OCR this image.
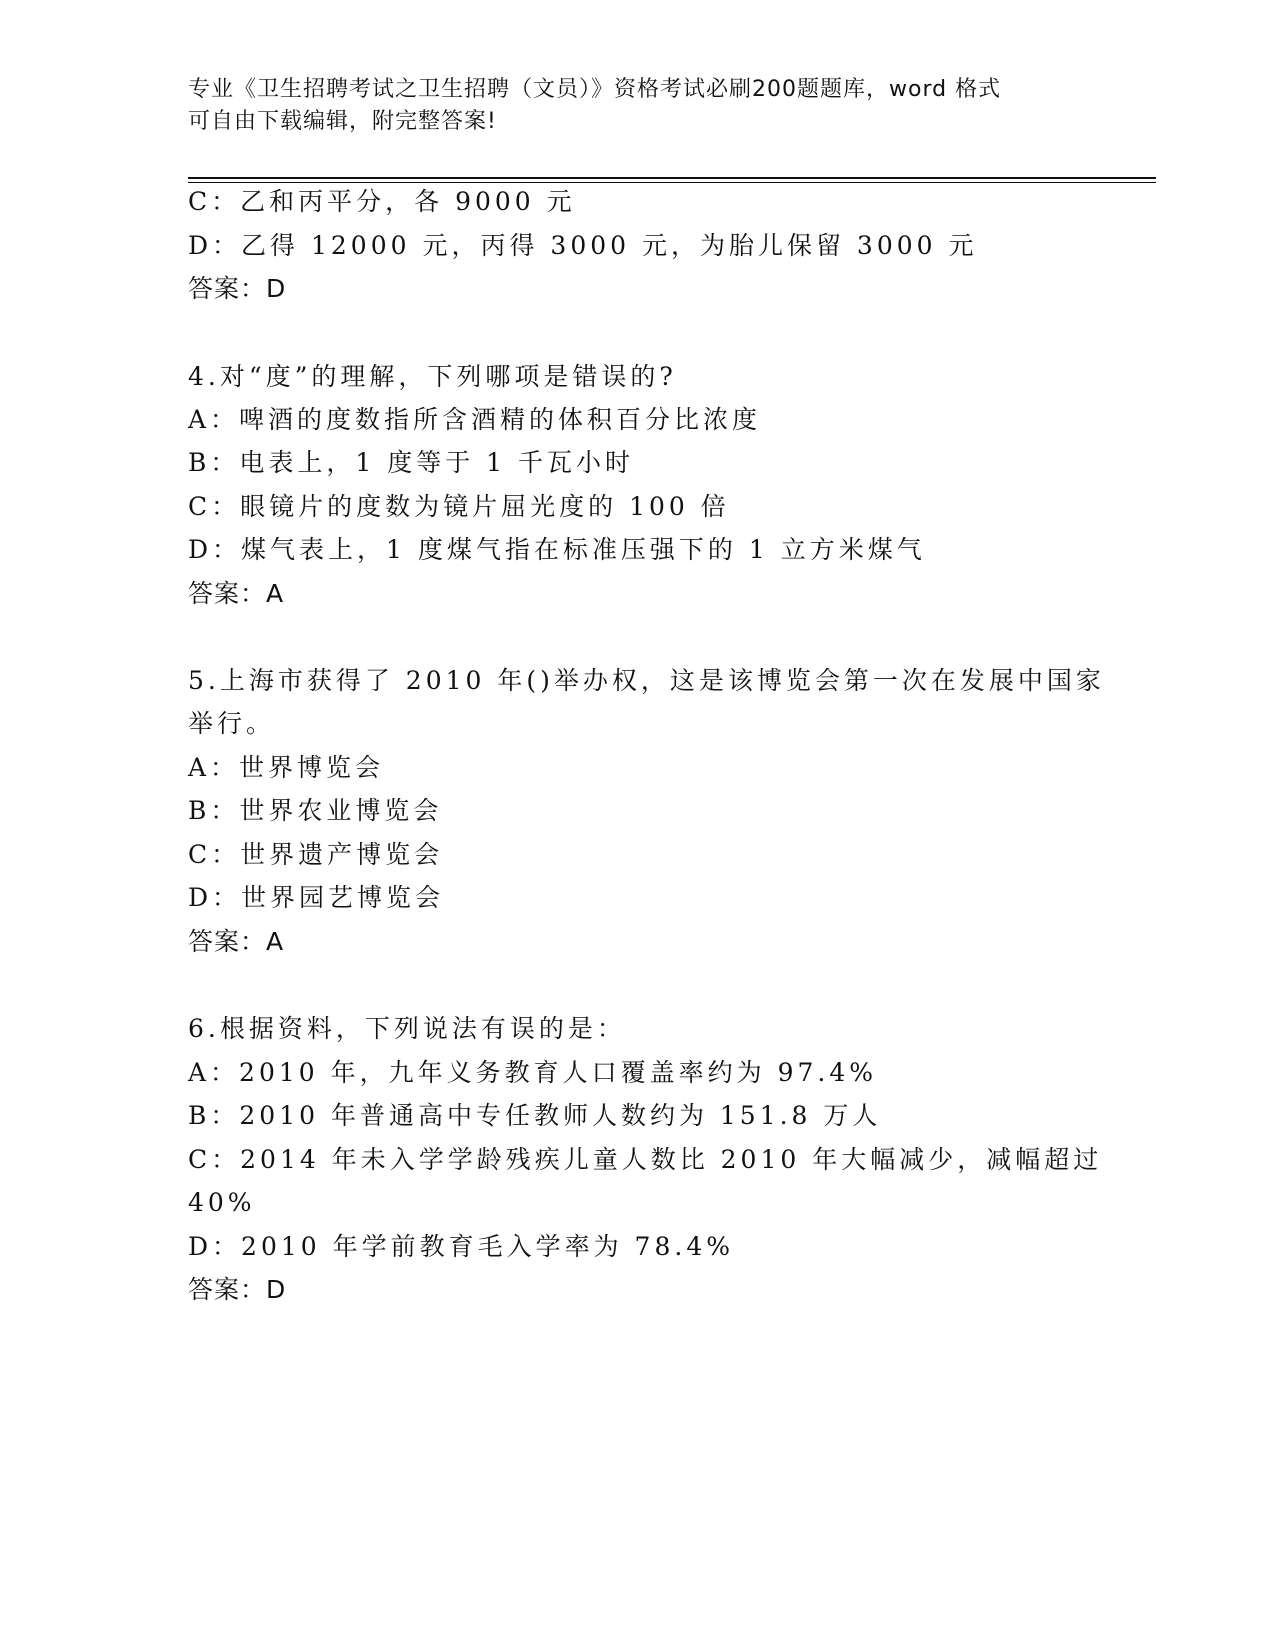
专业《卫生招聘考试之卫生招聘（文员）》资格考试必刷200题题库，word 格式
可自由下载编辑，附完整答案!
C：乙和丙平分，各 9000 元
D：乙得 12000 元，丙得 3000 元，为胎儿保留 3000 元
答案：D
4.对“度”的理解，下列哪项是错误的?
A：啤酒的度数指所含酒精的体积百分比浓度
B：电表上，1 度等于 1 千瓦小时
C：眼镜片的度数为镜片屈光度的 100 倍
D：煤气表上，1 度煤气指在标准压强下的 1 立方米煤气
答案：A
5.上海市获得了 2010 年()举办权，这是该博览会第一次在发展中国家
举行。
A：世界博览会
B：世界农业博览会
C：世界遗产博览会
D：世界园艺博览会
答案：A
6.根据资料，下列说法有误的是：
A：2010 年，九年义务教育人口覆盖率约为 97.4%
B：2010 年普通高中专任教师人数约为 151.8 万人
C：2014 年未入学学龄残疾儿童人数比 2010 年大幅减少，减幅超过
40%
D：2010 年学前教育毛入学率为 78.4%
答案：D
